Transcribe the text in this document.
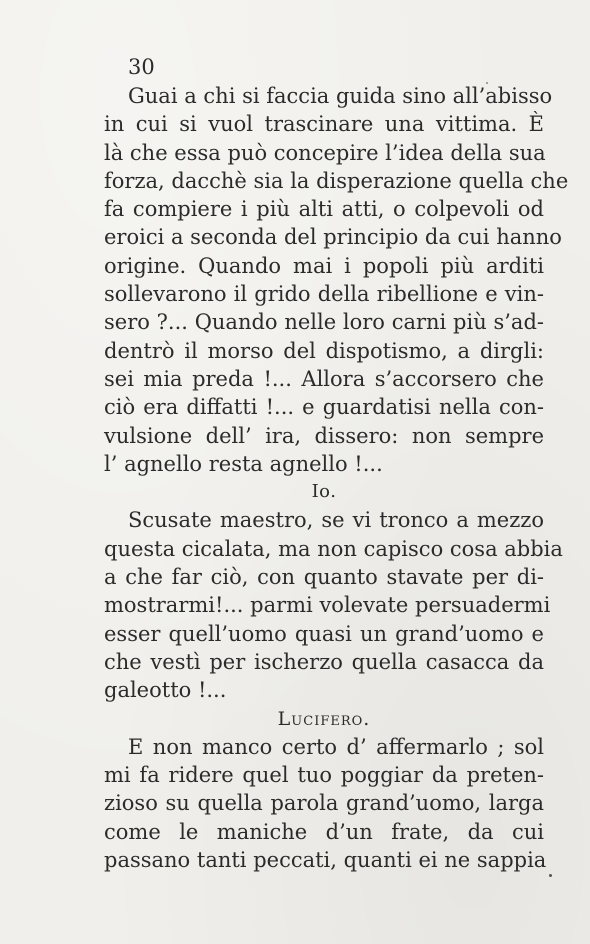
30
Guai a chi si faccia guida sino all’abisso
in cui si vuol trascinare una vittima. È
là che essa può concepire l’idea della sua
forza, dacchè sia la disperazione quella che
fa compiere i più alti atti, o colpevoli od
eroici a seconda del principio da cui hanno
origine. Quando mai i popoli più arditi
sollevarono il grido della ribellione e vin-
sero ?... Quando nelle loro carni più s’ad-
dentrò il morso del dispotismo, a dirgli:
sei mia preda !... Allora s’accorsero che
ciò era diffatti !... e guardatisi nella con-
vulsione dell’ ira, dissero: non sempre
l’ agnello resta agnello !...
Io.
Scusate maestro, se vi tronco a mezzo
questa cicalata, ma non capisco cosa abbia
a che far ciò, con quanto stavate per di-
mostrarmi!... parmi volevate persuadermi
esser quell’uomo quasi un grand’uomo e
che vestì per ischerzo quella casacca da
galeotto !...
Lucifero.
E non manco certo d’ affermarlo ; sol
mi fa ridere quel tuo poggiar da preten-
zioso su quella parola grand’uomo, larga
come le maniche d’un frate, da cui
passano tanti peccati, quanti ei ne sappia
